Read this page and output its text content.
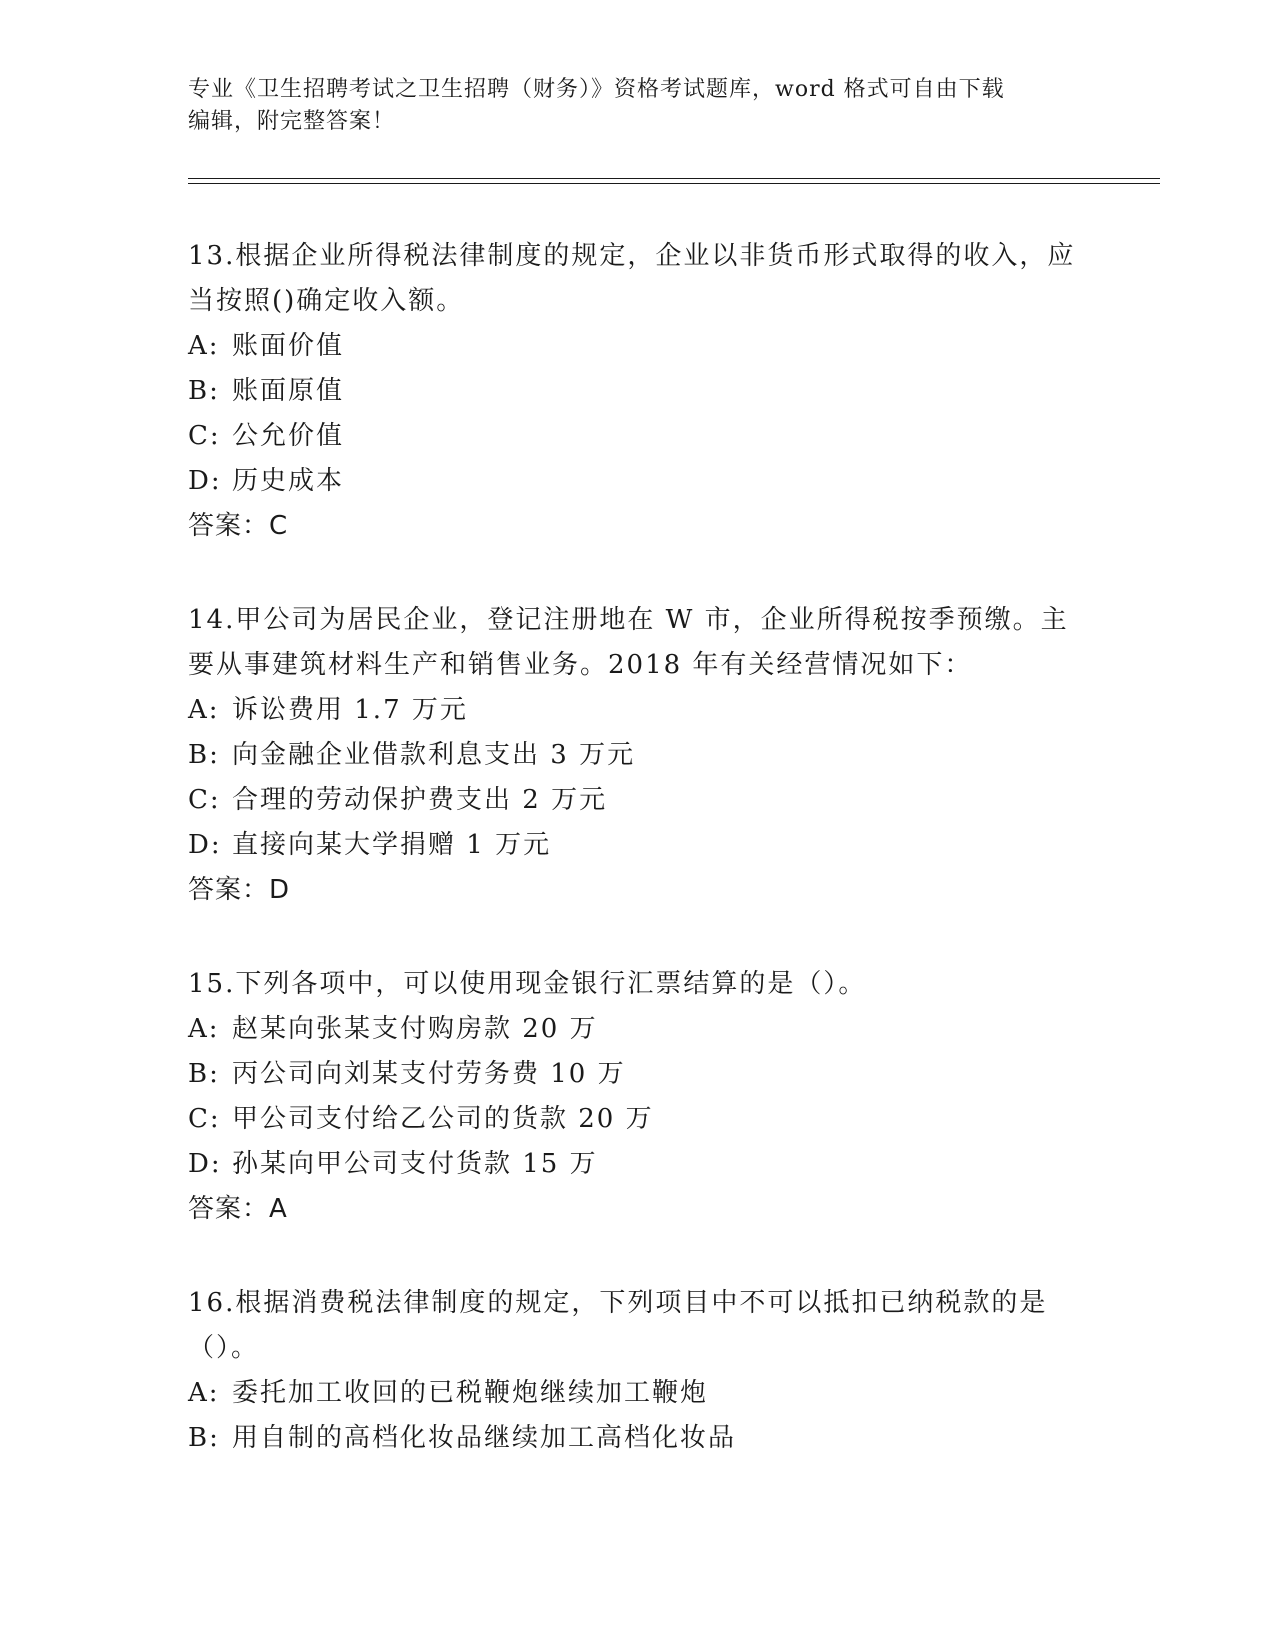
专业《卫生招聘考试之卫生招聘（财务）》资格考试题库，word 格式可自由下载
编辑，附完整答案！

13.根据企业所得税法律制度的规定，企业以非货币形式取得的收入，应当按照()确定收入额。

A: 账面价值

B: 账面原值

C: 公允价值

D: 历史成本

答案：C

14.甲公司为居民企业，登记注册地在 W 市，企业所得税按季预缴。主要从事建筑材料生产和销售业务。2018 年有关经营情况如下：

A: 诉讼费用 1.7 万元

B: 向金融企业借款利息支出 3 万元

C: 合理的劳动保护费支出 2 万元

D: 直接向某大学捐赠 1 万元

答案：D

15.下列各项中，可以使用现金银行汇票结算的是（）。

A: 赵某向张某支付购房款 20 万

B: 丙公司向刘某支付劳务费 10 万

C: 甲公司支付给乙公司的货款 20 万

D: 孙某向甲公司支付货款 15 万

答案：A

16.根据消费税法律制度的规定，下列项目中不可以抵扣已纳税款的是（）。

A: 委托加工收回的已税鞭炮继续加工鞭炮

B: 用自制的高档化妆品继续加工高档化妆品
